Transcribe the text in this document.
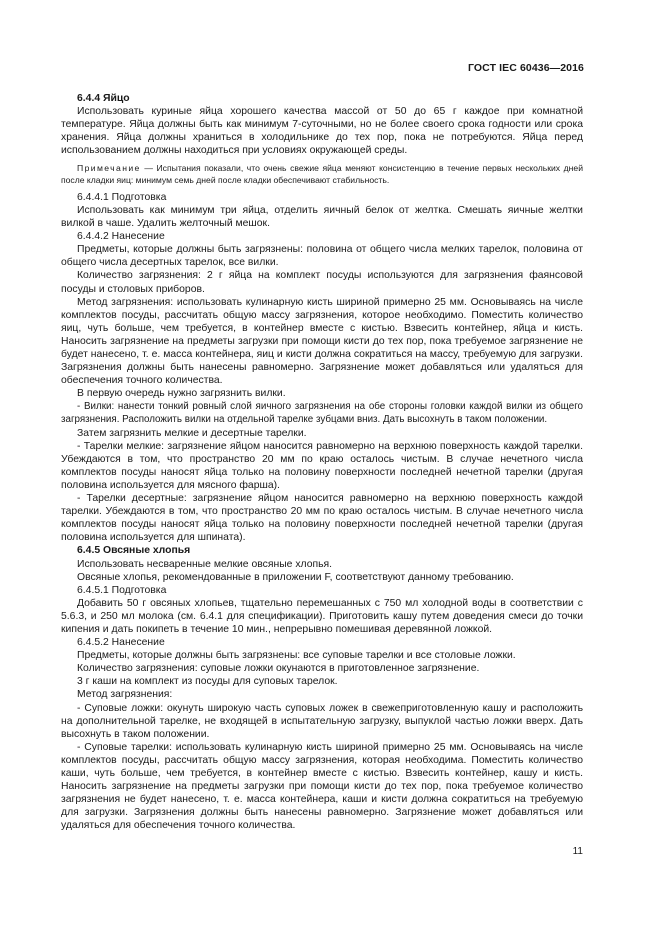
ГОСТ IEC 60436—2016

6.4.4 Яйцо

Использовать куриные яйца хорошего качества массой от 50 до 65 г каждое при комнатной температуре. Яйца должны быть как минимум 7-суточными, но не более своего срока годности или срока хранения. Яйца должны храниться в холодильнике до тех пор, пока не потребуются. Яйца перед использованием должны находиться при условиях окружающей среды.

Примечание — Испытания показали, что очень свежие яйца меняют консистенцию в течение первых нескольких дней после кладки яиц: минимум семь дней после кладки обеспечивают стабильность.

6.4.4.1 Подготовка

Использовать как минимум три яйца, отделить яичный белок от желтка. Смешать яичные желтки вилкой в чаше. Удалить желточный мешок.

6.4.4.2 Нанесение

Предметы, которые должны быть загрязнены: половина от общего числа мелких тарелок, половина от общего числа десертных тарелок, все вилки.

Количество загрязнения: 2 г яйца на комплект посуды используются для загрязнения фаянсовой посуды и столовых приборов.

Метод загрязнения: использовать кулинарную кисть шириной примерно 25 мм. Основываясь на числе комплектов посуды, рассчитать общую массу загрязнения, которое необходимо. Поместить количество яиц, чуть больше, чем требуется, в контейнер вместе с кистью. Взвесить контейнер, яйца и кисть. Наносить загрязнение на предметы загрузки при помощи кисти до тех пор, пока требуемое загрязнение не будет нанесено, т. е. масса контейнера, яиц и кисти должна сократиться на массу, требуемую для загрузки. Загрязнения должны быть нанесены равномерно. Загрязнение может добавляться или удаляться для обеспечения точного количества.

В первую очередь нужно загрязнить вилки.

- Вилки: нанести тонкий ровный слой яичного загрязнения на обе стороны головки каждой вилки из общего загрязнения. Расположить вилки на отдельной тарелке зубцами вниз. Дать высохнуть в таком положении.

Затем загрязнить мелкие и десертные тарелки.

- Тарелки мелкие: загрязнение яйцом наносится равномерно на верхнюю поверхность каждой тарелки. Убеждаются в том, что пространство 20 мм по краю осталось чистым. В случае нечетного числа комплектов посуды наносят яйца только на половину поверхности последней нечетной тарелки (другая половина используется для мясного фарша).

- Тарелки десертные: загрязнение яйцом наносится равномерно на верхнюю поверхность каждой тарелки. Убеждаются в том, что пространство 20 мм по краю осталось чистым. В случае нечетного числа комплектов посуды наносят яйца только на половину поверхности последней нечетной тарелки (другая половина используется для шпината).

6.4.5 Овсяные хлопья

Использовать несваренные мелкие овсяные хлопья.

Овсяные хлопья, рекомендованные в приложении F, соответствуют данному требованию.

6.4.5.1 Подготовка

Добавить 50 г овсяных хлопьев, тщательно перемешанных с 750 мл холодной воды в соответствии с 5.6.3, и 250 мл молока (см. 6.4.1 для спецификации). Приготовить кашу путем доведения смеси до точки кипения и дать покипеть в течение 10 мин., непрерывно помешивая деревянной ложкой.

6.4.5.2 Нанесение

Предметы, которые должны быть загрязнены: все суповые тарелки и все столовые ложки.

Количество загрязнения: суповые ложки окунаются в приготовленное загрязнение.

3 г каши на комплект из посуды для суповых тарелок.

Метод загрязнения:

- Суповые ложки: окунуть широкую часть суповых ложек в свежеприготовленную кашу и расположить на дополнительной тарелке, не входящей в испытательную загрузку, выпуклой частью ложки вверх. Дать высохнуть в таком положении.

- Суповые тарелки: использовать кулинарную кисть шириной примерно 25 мм. Основываясь на числе комплектов посуды, рассчитать общую массу загрязнения, которая необходима. Поместить количество каши, чуть больше, чем требуется, в контейнер вместе с кистью. Взвесить контейнер, кашу и кисть. Наносить загрязнение на предметы загрузки при помощи кисти до тех пор, пока требуемое количество загрязнения не будет нанесено, т. е. масса контейнера, каши и кисти должна сократиться на требуемую для загрузки. Загрязнения должны быть нанесены равномерно. Загрязнение может добавляться или удаляться для обеспечения точного количества.

11
